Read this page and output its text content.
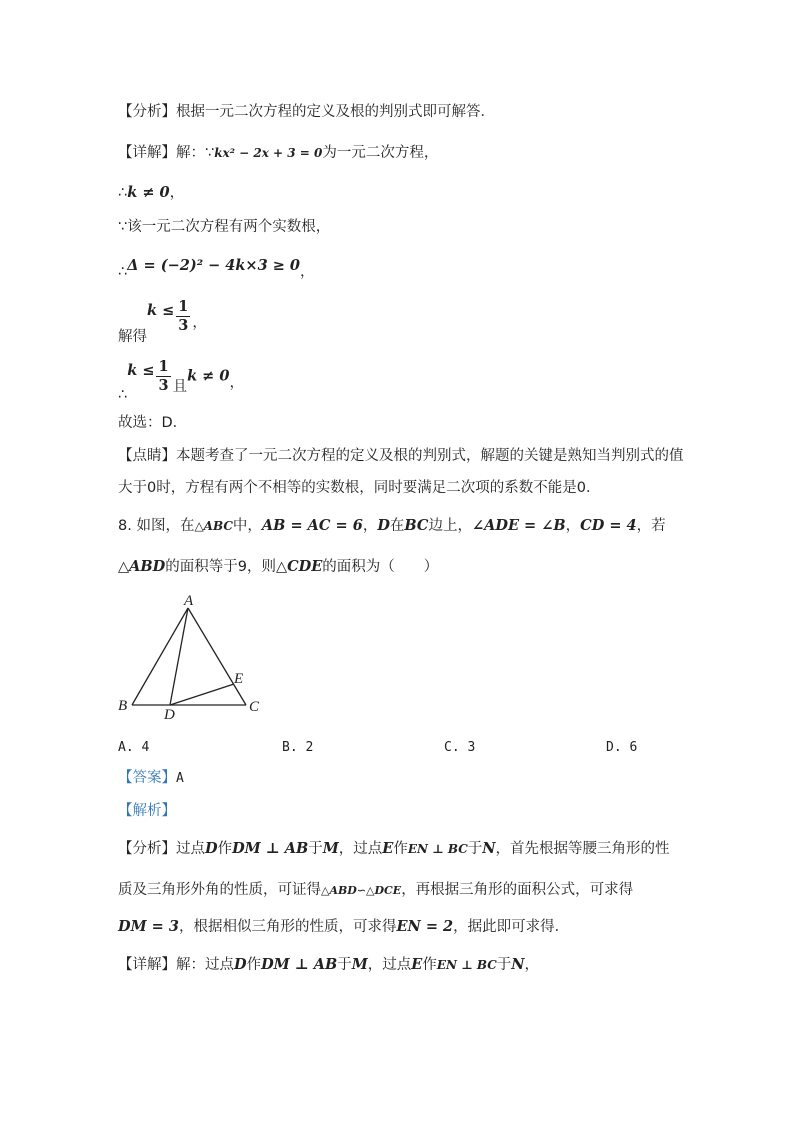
【分析】根据一元二次方程的定义及根的判别式即可解答．
【详解】解：∵kx² − 2x + 3 = 0为一元二次方程，
∴k ≠ 0，
∵该一元二次方程有两个实数根，
∴Δ = (−2)² − 4k×3 ≥ 0，
解得$k \le \frac{1}{3}$ ，
∴k ≤ $\frac{1}{3}$ 且k ≠ 0，
故选：D．
【点睛】本题考查了一元二次方程的定义及根的判别式，解题的关键是熟知当判别式的值
大于0时，方程有两个不相等的实数根，同时要满足二次项的系数不能是0．
8. 如图，在△ABC中，AB = AC = 6，D在BC边上，∠ADE = ∠B，CD = 4，若
△ABD的面积等于9，则△CDE的面积为（　　）
A
B	C
D
E
A. 4	B. 2	C. 3	D. 6
【答案】A
【解析】
【分析】过点D作DM ⊥ AB于M，过点E作EN ⊥ BC于N，首先根据等腰三角形的性
质及三角形外角的性质，可证得△ABD∽△DCE，再根据三角形的面积公式，可求得
DM = 3，根据相似三角形的性质，可求得EN = 2，据此即可求得．
【详解】解：过点D作DM ⊥ AB于M，过点E作EN ⊥ BC于N，
